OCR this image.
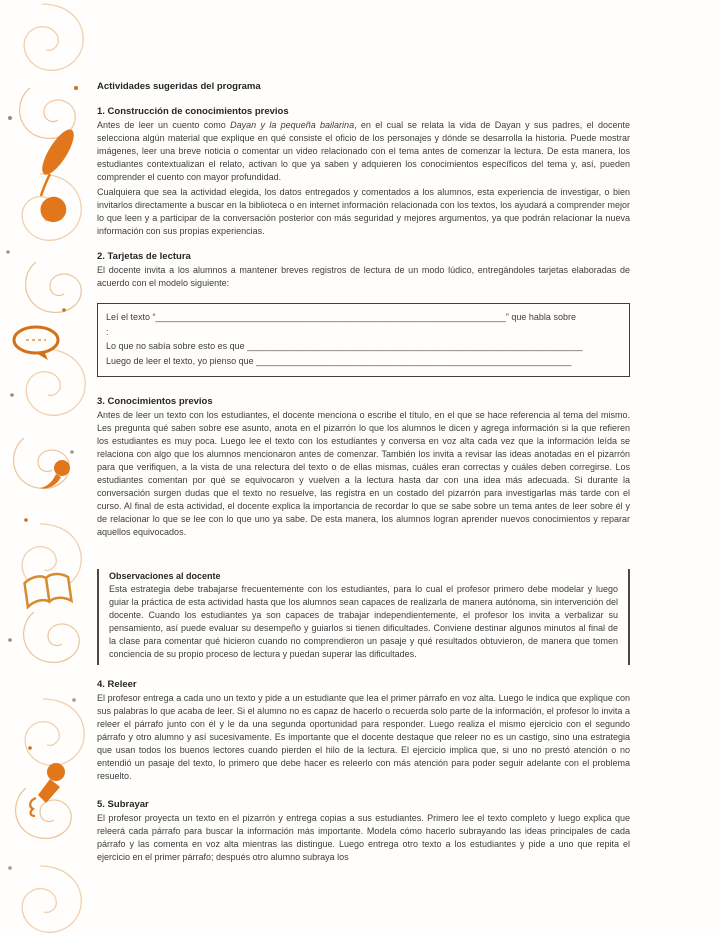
Actividades sugeridas del programa
1. Construcción de conocimientos previos

Antes de leer un cuento como Dayan y la pequeña bailarina, en el cual se relata la vida de Dayan y sus padres, el docente selecciona algún material que explique en qué consiste el oficio de los personajes y dónde se desarrolla la historia. Puede mostrar imágenes, leer una breve noticia o comentar un video relacionado con el tema antes de comenzar la lectura. De esta manera, los estudiantes contextualizan el relato, activan lo que ya saben y adquieren los conocimientos específicos del tema y, así, pueden comprender el cuento con mayor profundidad.

Cualquiera que sea la actividad elegida, los datos entregados y comentados a los alumnos, esta experiencia de investigar, o bien invitarlos directamente a buscar en la biblioteca o en internet información relacionada con los textos, los ayudará a comprender mejor lo que leen y a participar de la conversación posterior con más seguridad y mejores argumentos, ya que podrán relacionar la nueva información con sus propias experiencias.

2. Tarjetas de lectura

El docente invita a los alumnos a mantener breves registros de lectura de un modo lúdico, entregándoles tarjetas elaboradas de acuerdo con el modelo siguiente:

Leí el texto “______________________________________________________________________” que habla sobre
:
Lo que no sabía sobre esto es que ___________________________________________________________________
Luego de leer el texto, yo pienso que _______________________________________________________________
3. Conocimientos previos

Antes de leer un texto con los estudiantes, el docente menciona o escribe el título, en el que se hace referencia al tema del mismo. Les pregunta qué saben sobre ese asunto, anota en el pizarrón lo que los alumnos le dicen y agrega información si la que refieren los estudiantes es muy poca. Luego lee el texto con los estudiantes y conversa en voz alta cada vez que la información leída se relaciona con algo que los alumnos mencionaron antes de comenzar. También los invita a revisar las ideas anotadas en el pizarrón para que verifiquen, a la vista de una relectura del texto o de ellas mismas, cuáles eran correctas y cuáles deben corregirse. Los estudiantes comentan por qué se equivocaron y vuelven a la lectura hasta dar con una idea más adecuada. Si durante la conversación surgen dudas que el texto no resuelve, las registra en un costado del pizarrón para investigarlas más tarde con el curso. Al final de esta actividad, el docente explica la importancia de recordar lo que se sabe sobre un tema antes de leer sobre él y de relacionar lo que se lee con lo que uno ya sabe. De esta manera, los alumnos logran aprender nuevos conocimientos y reparar aquellos equivocados.

Observaciones al docente

Esta estrategia debe trabajarse frecuentemente con los estudiantes, para lo cual el profesor primero debe modelar y luego guiar la práctica de esta actividad hasta que los alumnos sean capaces de realizarla de manera autónoma, sin intervención del docente. Cuando los estudiantes ya son capaces de trabajar independientemente, el profesor los invita a verbalizar su pensamiento, así puede evaluar su desempeño y guiarlos si tienen dificultades. Conviene destinar algunos minutos al final de la clase para comentar qué hicieron cuando no comprendieron un pasaje y qué resultados obtuvieron, de manera que tomen conciencia de su propio proceso de lectura y puedan superar las dificultades.

4. Releer

El profesor entrega a cada uno un texto y pide a un estudiante que lea el primer párrafo en voz alta. Luego le indica que explique con sus palabras lo que acaba de leer. Si el alumno no es capaz de hacerlo o recuerda solo parte de la información, el profesor lo invita a releer el párrafo junto con él y le da una segunda oportunidad para responder. Luego realiza el mismo ejercicio con el segundo párrafo y otro alumno y así sucesivamente. Es importante que el docente destaque que releer no es un castigo, sino una estrategia que usan todos los buenos lectores cuando pierden el hilo de la lectura. El ejercicio implica que, si uno no prestó atención o no entendió un pasaje del texto, lo primero que debe hacer es releerlo con más atención para poder seguir adelante con el problema resuelto.

5. Subrayar

El profesor proyecta un texto en el pizarrón y entrega copias a sus estudiantes. Primero lee el texto completo y luego explica que releerá cada párrafo para buscar la información más importante. Modela cómo hacerlo subrayando las ideas principales de cada párrafo y las comenta en voz alta mientras las distingue. Luego entrega otro texto a los estudiantes y pide a uno que repita el ejercicio en el primer párrafo; después otro alumno subraya los
